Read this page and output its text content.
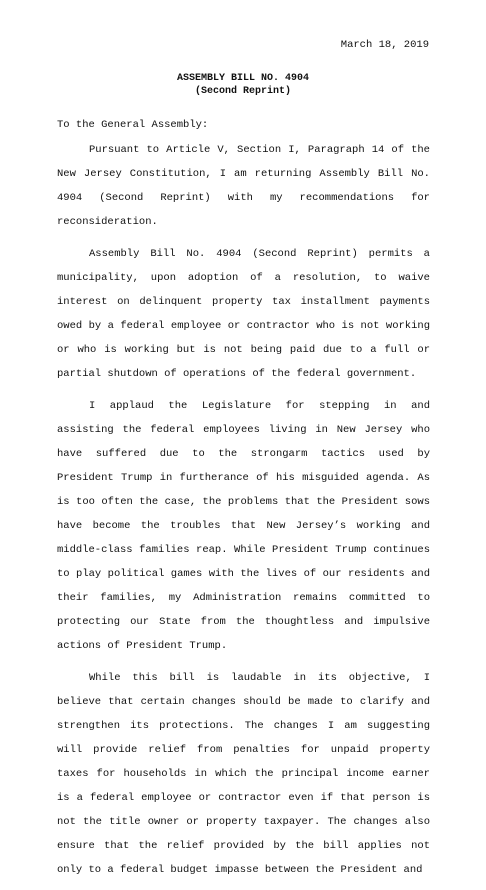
March 18, 2019
ASSEMBLY BILL NO. 4904
(Second Reprint)
To the General Assembly:

Pursuant to Article V, Section I, Paragraph 14 of the New Jersey Constitution, I am returning Assembly Bill No. 4904 (Second Reprint) with my recommendations for reconsideration.

Assembly Bill No. 4904 (Second Reprint) permits a municipality, upon adoption of a resolution, to waive interest on delinquent property tax installment payments owed by a federal employee or contractor who is not working or who is working but is not being paid due to a full or partial shutdown of operations of the federal government.

I applaud the Legislature for stepping in and assisting the federal employees living in New Jersey who have suffered due to the strongarm tactics used by President Trump in furtherance of his misguided agenda. As is too often the case, the problems that the President sows have become the troubles that New Jersey’s working and middle-class families reap. While President Trump continues to play political games with the lives of our residents and their families, my Administration remains committed to protecting our State from the thoughtless and impulsive actions of President Trump.

While this bill is laudable in its objective, I believe that certain changes should be made to clarify and strengthen its protections. The changes I am suggesting will provide relief from penalties for unpaid property taxes for households in which the principal income earner is a federal employee or contractor even if that person is not the title owner or property taxpayer. The changes also ensure that the relief provided by the bill applies not only to a federal budget impasse between the President and
